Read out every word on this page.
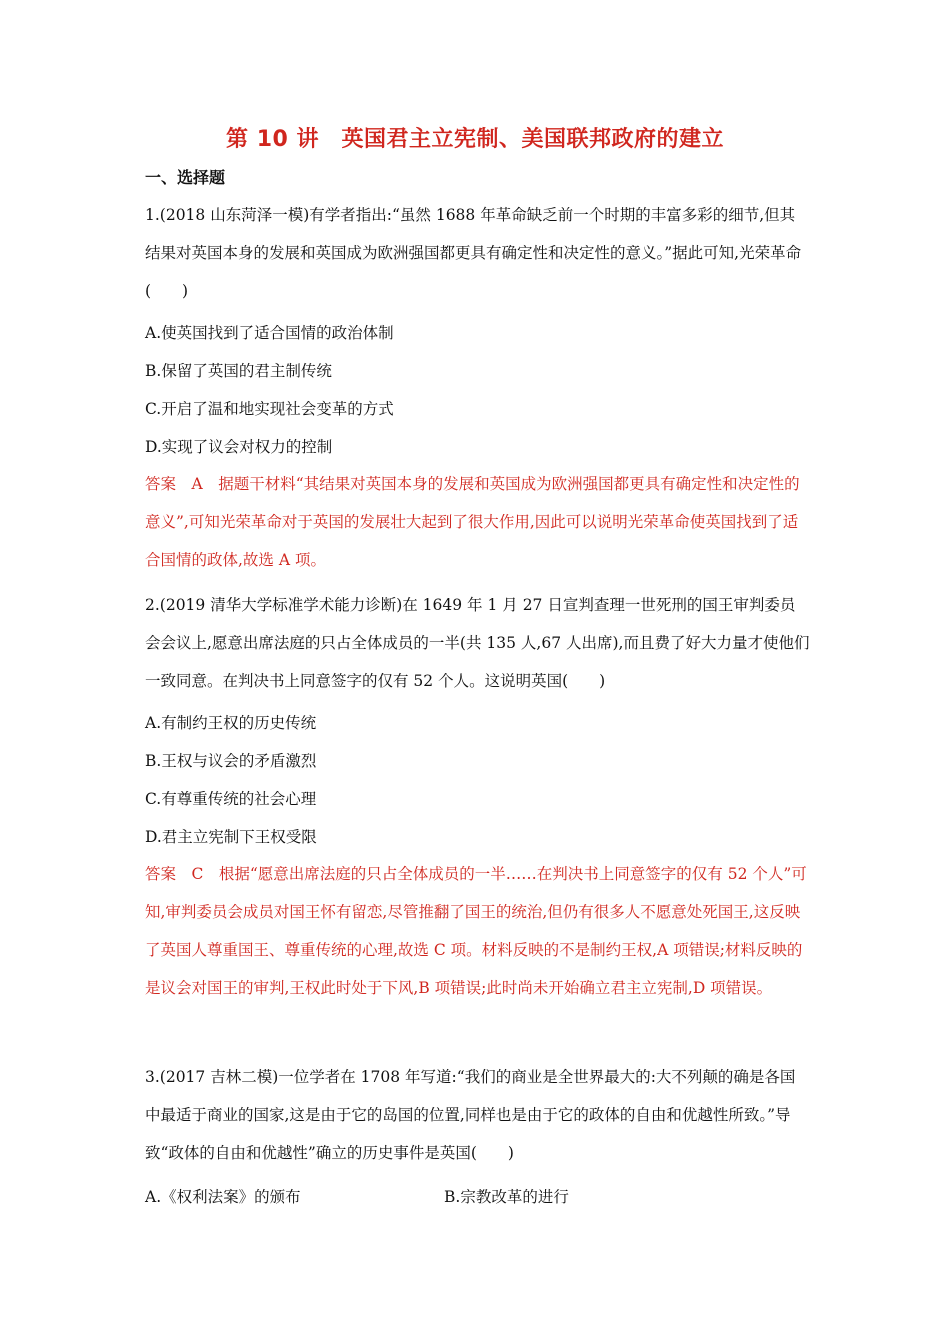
第 10 讲　英国君主立宪制、美国联邦政府的建立
一、选择题

1.(2018 山东菏泽一模)有学者指出:“虽然 1688 年革命缺乏前一个时期的丰富多彩的细节,但其结果对英国本身的发展和英国成为欧洲强国都更具有确定性和决定性的意义。”据此可知,光荣革命(　　)

A.使英国找到了适合国情的政治体制
B.保留了英国的君主制传统
C.开启了温和地实现社会变革的方式
D.实现了议会对权力的控制

答案　A　据题干材料“其结果对英国本身的发展和英国成为欧洲强国都更具有确定性和决定性的意义”,可知光荣革命对于英国的发展壮大起到了很大作用,因此可以说明光荣革命使英国找到了适合国情的政体,故选 A 项。

2.(2019 清华大学标准学术能力诊断)在 1649 年 1 月 27 日宣判查理一世死刑的国王审判委员会会议上,愿意出席法庭的只占全体成员的一半(共 135 人,67 人出席),而且费了好大力量才使他们一致同意。在判决书上同意签字的仅有 52 个人。这说明英国(　　)

A.有制约王权的历史传统
B.王权与议会的矛盾激烈
C.有尊重传统的社会心理
D.君主立宪制下王权受限

答案　C　根据“愿意出席法庭的只占全体成员的一半……在判决书上同意签字的仅有 52 个人”可知,审判委员会成员对国王怀有留恋,尽管推翻了国王的统治,但仍有很多人不愿意处死国王,这反映了英国人尊重国王、尊重传统的心理,故选 C 项。材料反映的不是制约王权,A 项错误;材料反映的是议会对国王的审判,王权此时处于下风,B 项错误;此时尚未开始确立君主立宪制,D 项错误。

3.(2017 吉林二模)一位学者在 1708 年写道:“我们的商业是全世界最大的:大不列颠的确是各国中最适于商业的国家,这是由于它的岛国的位置,同样也是由于它的政体的自由和优越性所致。”导致“政体的自由和优越性”确立的历史事件是英国(　　)

A.《权利法案》的颁布	B.宗教改革的进行
